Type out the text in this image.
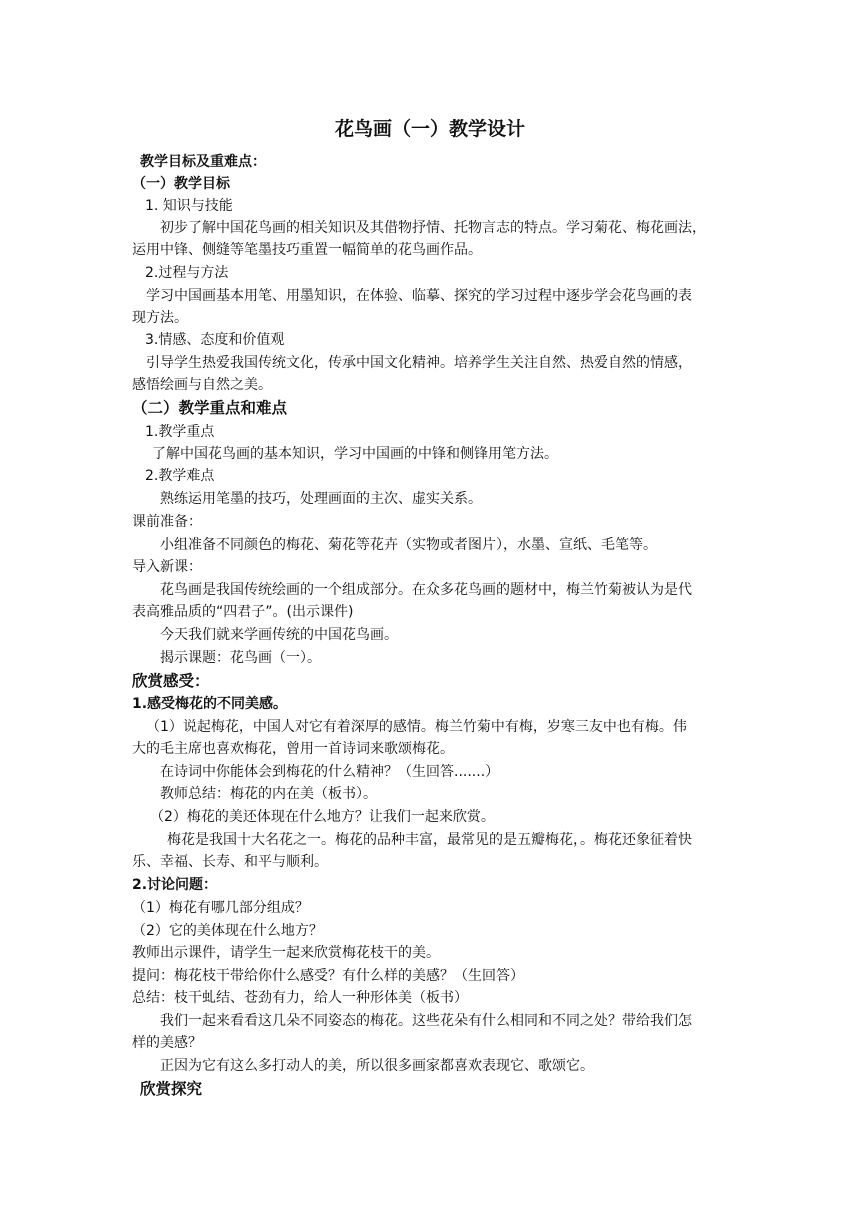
花鸟画（一）教学设计
教学目标及重难点：
（一）教学目标
1. 知识与技能
初步了解中国花鸟画的相关知识及其借物抒情、托物言志的特点。学习菊花、梅花画法，
运用中锋、侧缝等笔墨技巧重置一幅简单的花鸟画作品。
2.过程与方法
学习中国画基本用笔、用墨知识，在体验、临摹、探究的学习过程中逐步学会花鸟画的表
现方法。
3.情感、态度和价值观
引导学生热爱我国传统文化，传承中国文化精神。培养学生关注自然、热爱自然的情感，
感悟绘画与自然之美。
（二）教学重点和难点
1.教学重点
了解中国花鸟画的基本知识，学习中国画的中锋和侧锋用笔方法。
2.教学难点
熟练运用笔墨的技巧，处理画面的主次、虚实关系。
课前准备：
小组准备不同颜色的梅花、菊花等花卉（实物或者图片），水墨、宣纸、毛笔等。
导入新课：
花鸟画是我国传统绘画的一个组成部分。在众多花鸟画的题材中，梅兰竹菊被认为是代
表高雅品质的“四君子”。(出示课件)
今天我们就来学画传统的中国花鸟画。
揭示课题：花鸟画（一）。
欣赏感受：
1.感受梅花的不同美感。
（1）说起梅花，中国人对它有着深厚的感情。梅兰竹菊中有梅，岁寒三友中也有梅。伟
大的毛主席也喜欢梅花，曾用一首诗词来歌颂梅花。
在诗词中你能体会到梅花的什么精神？（生回答.......）
教师总结：梅花的内在美（板书）。
（2）梅花的美还体现在什么地方？让我们一起来欣赏。
梅花是我国十大名花之一。梅花的品种丰富，最常见的是五瓣梅花，。梅花还象征着快
乐、幸福、长寿、和平与顺利。
2.讨论问题：
（1）梅花有哪几部分组成？
（2）它的美体现在什么地方？
教师出示课件，请学生一起来欣赏梅花枝干的美。
提问：梅花枝干带给你什么感受？有什么样的美感？（生回答）
总结：枝干虬结、苍劲有力，给人一种形体美（板书）
我们一起来看看这几朵不同姿态的梅花。这些花朵有什么相同和不同之处？带给我们怎
样的美感？
正因为它有这么多打动人的美，所以很多画家都喜欢表现它、歌颂它。
欣赏探究
